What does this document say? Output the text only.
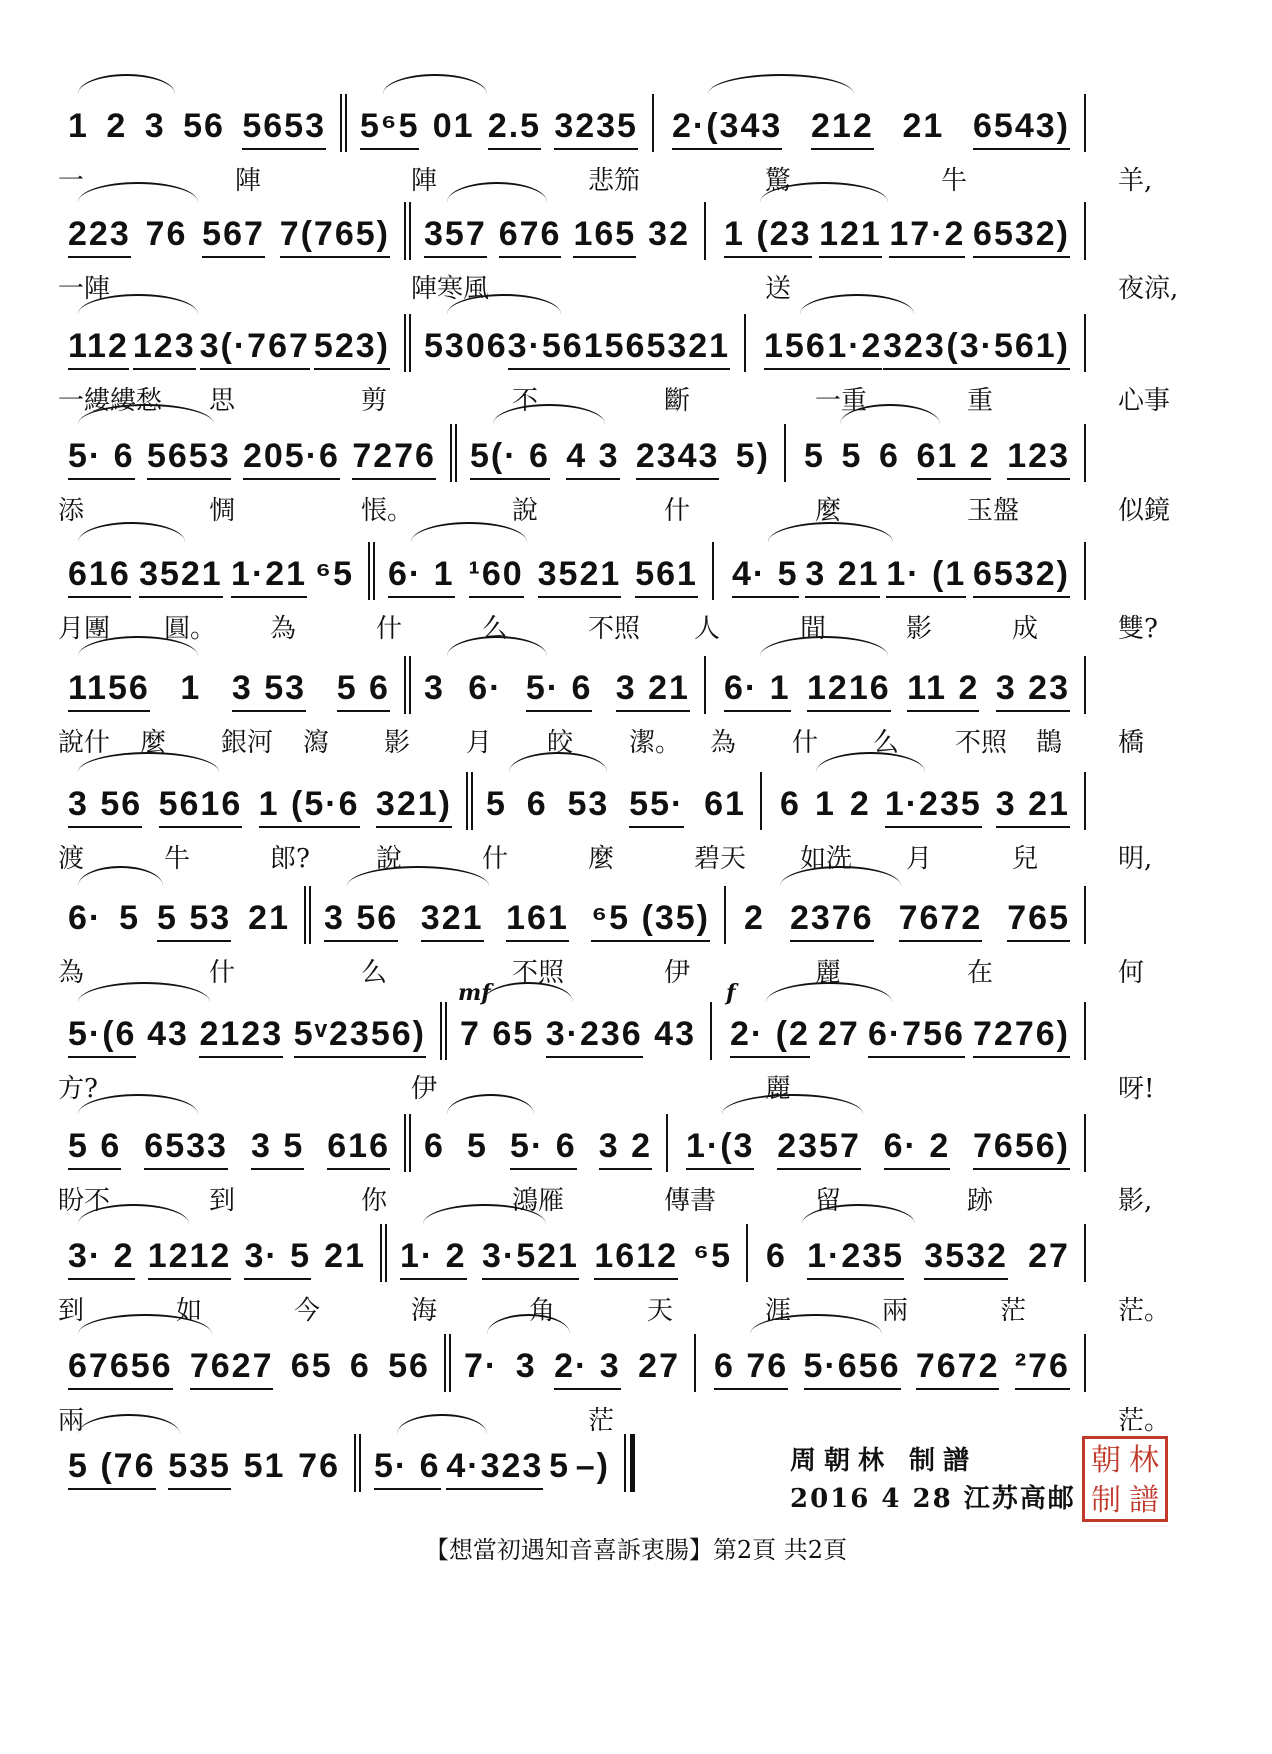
1 2 3 56 5653 5⁶5 01 2.5 3235 2·(343 212 21 6543)
一	陣	陣	悲笳	驚	牛	羊,
223 76 567 7(765) 357 676 165 32 1 (23 121 17·2 6532)
一陣	陣寒風	送	夜涼,
112 123 3(·767 523) 53 06 3·561 565321 156 1·2 323 (3·561)
一縷縷愁 思	剪	不	斷	一重	重	心事
5· 6 5653 205·6 7276 5(· 6 4 3 2343 5) 5 5 6 61 2 123
添	惆	悵。	說	什	麼	玉盤	似鏡
616 3521 1·21 ⁶5 6· 1 ¹60 3521 561 4· 5 3 21 1· (1 6532)
月團 圓。 為	什	么	不照 人	間	影	成	雙?
1156 1 3 53 5 6 3 6· 5· 6 3 21 6· 1 1216 11 2 3 23
說什 麼 銀河 瀉 影 月 皎 潔。 為 什 么 不照 鵲 橋
3 56 5616 1 (5·6 321) 5 6 53 55· 61 6 1 2 1·235 3 21
渡	牛	郎?	說	什	麼	碧天 如洗 月	兒	明,
6· 5 5 53 21 3 56 321 161 ⁶5 (35) 2 2376 7672 765
為	什	么	不照	伊	麗	在	何
5·(6 43 2123 5ᵛ2356) 7 65 3·236 43 2· (2 27 6·756 7276)
方?	伊	麗	呀!
mf	f
5 6 6533 3 5 616 6 5 5· 6 3 2 1·(3 2357 6· 2 7656)
盼不	到	你	鴻雁	傳書	留	跡	影,
3· 2 1212 3· 5 21 1· 2 3·521 1612 ⁶5 6 1·235 3532 27
到	如	今	海	角	天	涯	兩	茫	茫。
67656 7627 65 6 56 7· 3 2· 3 27 6 76 5·656 7672 ²76
兩	茫	茫。
5 (76 535 51 76 5· 6 4·323 5 –)	周朝林 制譜
2016 4 28 江苏高邮
朝 林
制 譜
【想當初遇知音喜訴衷腸】第2頁 共2頁
